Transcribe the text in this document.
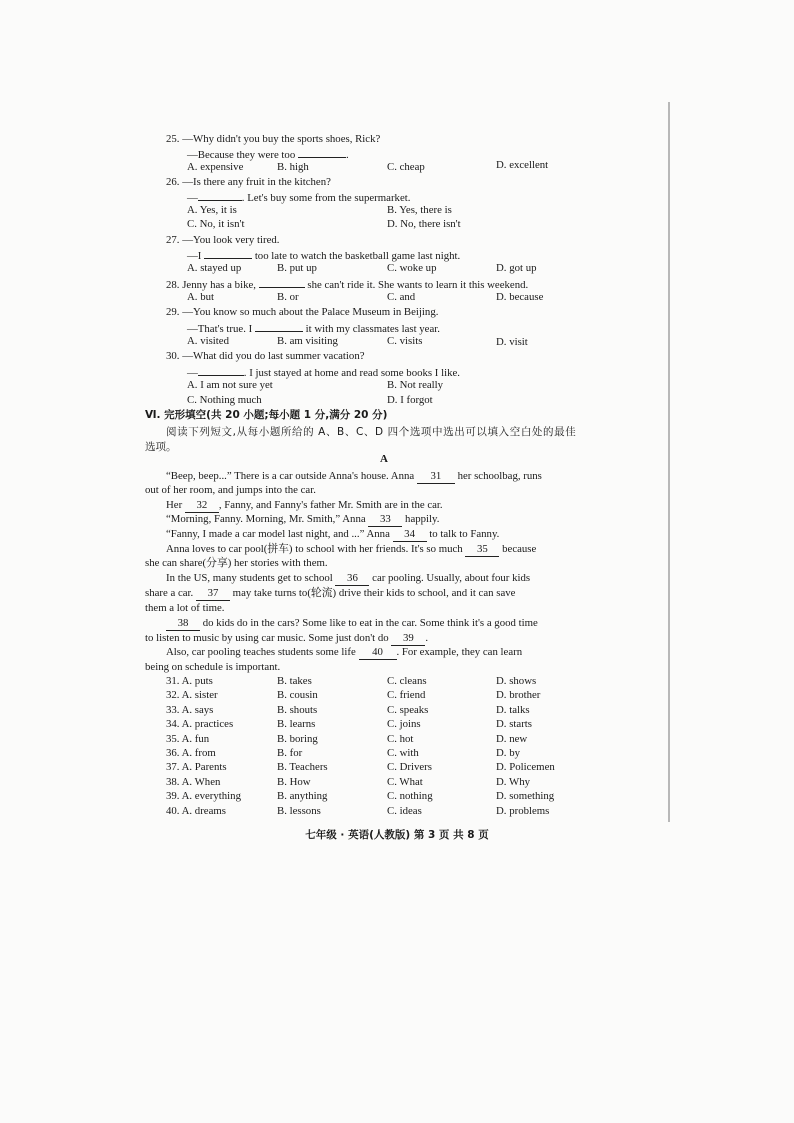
25. —Why didn't you buy the sports shoes, Rick?
—Because they were too	.
A. expensive	B. high	C. cheap	D. excellent
26. —Is there any fruit in the kitchen?
—	. Let's buy some from the supermarket.
A. Yes, it is	B. Yes, there is
C. No, it isn't	D. No, there isn't
27. —You look very tired.
—I	too late to watch the basketball game last night.
A. stayed up	B. put up	C. woke up	D. got up
28. Jenny has a bike,	she can't ride it. She wants to learn it this weekend.
A. but	B. or	C. and	D. because
29. —You know so much about the Palace Museum in Beijing.
—That's true. I	it with my classmates last year.
A. visited	B. am visiting	C. visits	D. visit
30. —What did you do last summer vacation?
—	. I just stayed at home and read some books I like.
A. I am not sure yet	B. Not really
C. Nothing much	D. I forgot
Ⅵ. 完形填空(共 20 小题;每小题 1 分,满分 20 分)
阅读下列短文,从每小题所给的 A、B、C、D 四个选项中选出可以填入空白处的最佳
选项。
A
“Beep, beep...” There is a car outside Anna's house. Anna 31 her schoolbag, runs
out of her room, and jumps into the car.
Her 32 , Fanny, and Fanny's father Mr. Smith are in the car.
“Morning, Fanny. Morning, Mr. Smith,” Anna 33 happily.
“Fanny, I made a car model last night, and ...” Anna 34 to talk to Fanny.
Anna loves to car pool(拼车) to school with her friends. It's so much 35 because
she can share(分享) her stories with them.
In the US, many students get to school 36 car pooling. Usually, about four kids
share a car. 37 may take turns to(轮流) drive their kids to school, and it can save
them a lot of time.
38 do kids do in the cars? Some like to eat in the car. Some think it's a good time
to listen to music by using car music. Some just don't do 39 .
Also, car pooling teaches students some life 40 . For example, they can learn
being on schedule is important.
31. A. puts	B. takes	C. cleans	D. shows
32. A. sister	B. cousin	C. friend	D. brother
33. A. says	B. shouts	C. speaks	D. talks
34. A. practices	B. learns	C. joins	D. starts
35. A. fun	B. boring	C. hot	D. new
36. A. from	B. for	C. with	D. by
37. A. Parents	B. Teachers	C. Drivers	D. Policemen
38. A. When	B. How	C. What	D. Why
39. A. everything	B. anything	C. nothing	D. something
40. A. dreams	B. lessons	C. ideas	D. problems
七年级 · 英语(人教版) 第 3 页 共 8 页
